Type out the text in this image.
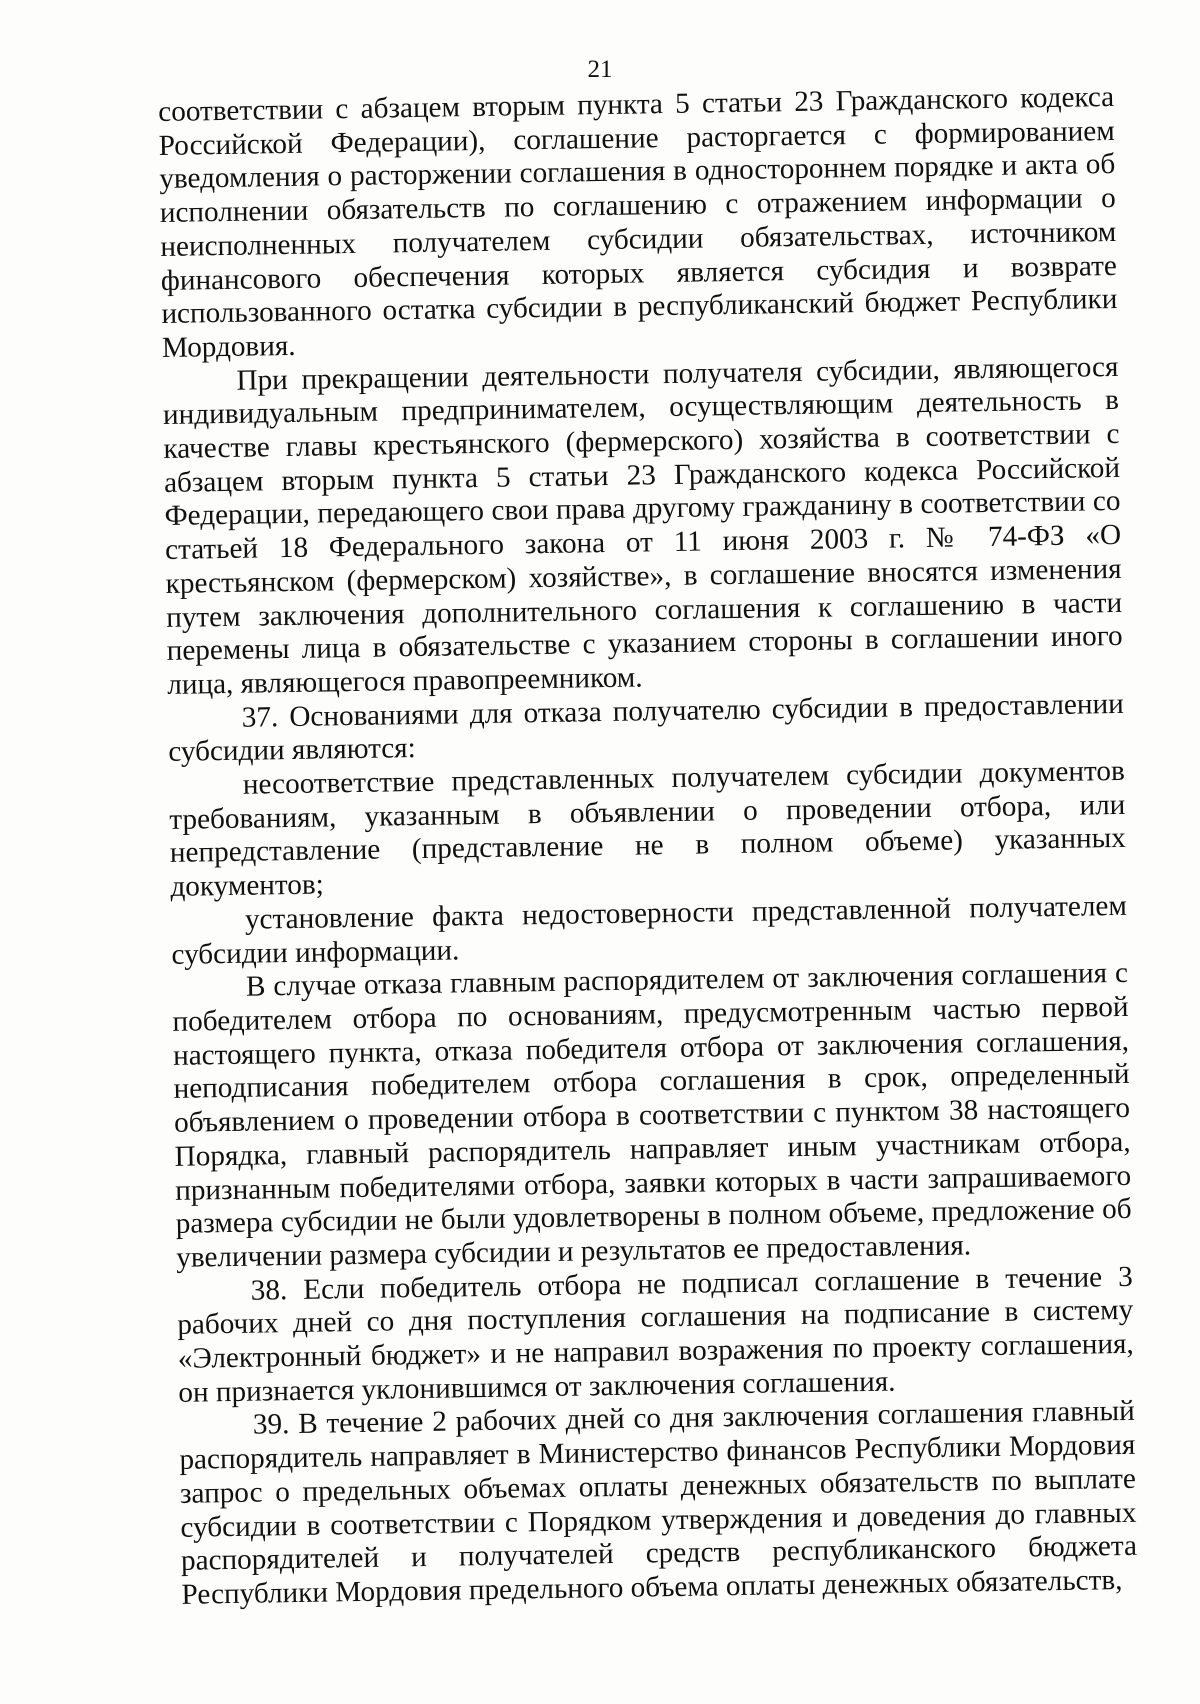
21

соответствии с абзацем вторым пункта 5 статьи 23 Гражданского кодекса Российской Федерации), соглашение расторгается с формированием уведомления о расторжении соглашения в одностороннем порядке и акта об исполнении обязательств по соглашению с отражением информации о неисполненных получателем субсидии обязательствах, источником финансового обеспечения которых является субсидия и возврате использованного остатка субсидии в республиканский бюджет Республики Мордовия.

При прекращении деятельности получателя субсидии, являющегося индивидуальным предпринимателем, осуществляющим деятельность в качестве главы крестьянского (фермерского) хозяйства в соответствии с абзацем вторым пункта 5 статьи 23 Гражданского кодекса Российской Федерации, передающего свои права другому гражданину в соответствии со статьей 18 Федерального закона от 11 июня 2003 г. № 74-ФЗ «О крестьянском (фермерском) хозяйстве», в соглашение вносятся изменения путем заключения дополнительного соглашения к соглашению в части перемены лица в обязательстве с указанием стороны в соглашении иного лица, являющегося правопреемником.

37. Основаниями для отказа получателю субсидии в предоставлении субсидии являются:

несоответствие представленных получателем субсидии документов требованиям, указанным в объявлении о проведении отбора, или непредставление (представление не в полном объеме) указанных документов;

установление факта недостоверности представленной получателем субсидии информации.

В случае отказа главным распорядителем от заключения соглашения с победителем отбора по основаниям, предусмотренным частью первой настоящего пункта, отказа победителя отбора от заключения соглашения, неподписания победителем отбора соглашения в срок, определенный объявлением о проведении отбора в соответствии с пунктом 38 настоящего Порядка, главный распорядитель направляет иным участникам отбора, признанным победителями отбора, заявки которых в части запрашиваемого размера субсидии не были удовлетворены в полном объеме, предложение об увеличении размера субсидии и результатов ее предоставления.

38. Если победитель отбора не подписал соглашение в течение 3 рабочих дней со дня поступления соглашения на подписание в систему «Электронный бюджет» и не направил возражения по проекту соглашения, он признается уклонившимся от заключения соглашения.

39. В течение 2 рабочих дней со дня заключения соглашения главный распорядитель направляет в Министерство финансов Республики Мордовия запрос о предельных объемах оплаты денежных обязательств по выплате субсидии в соответствии с Порядком утверждения и доведения до главных распорядителей и получателей средств республиканского бюджета Республики Мордовия предельного объема оплаты денежных обязательств,
